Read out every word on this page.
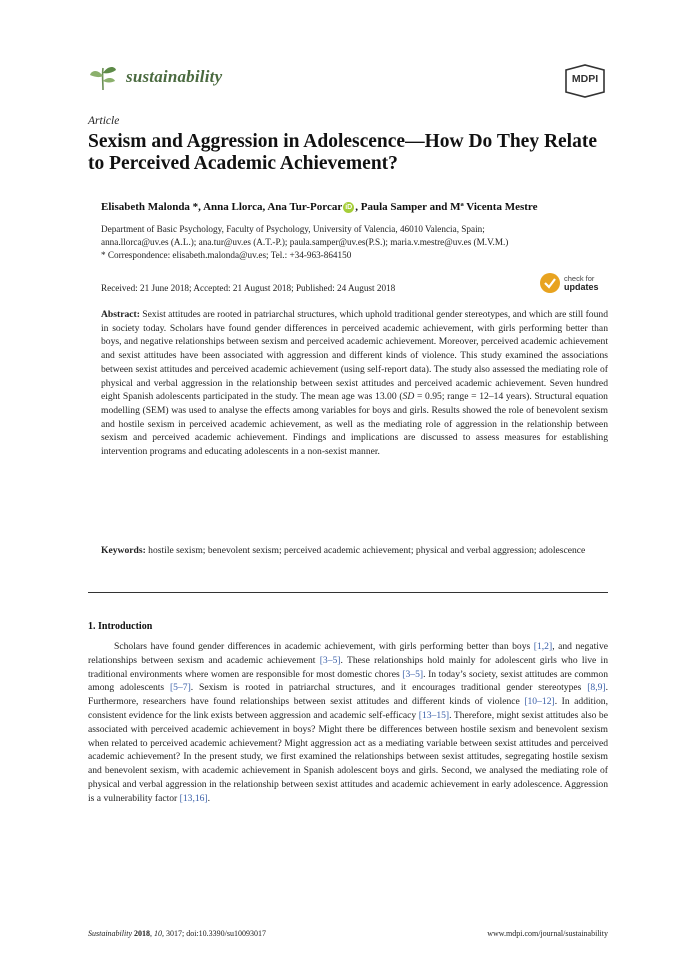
sustainability	MDPI
Article
Sexism and Aggression in Adolescence—How Do They Relate to Perceived Academic Achievement?
Elisabeth Malonda *, Anna Llorca, Ana Tur-Porcar iD , Paula Samper and Mª Vicenta Mestre
Department of Basic Psychology, Faculty of Psychology, University of Valencia, 46010 Valencia, Spain;
anna.llorca@uv.es (A.L.); ana.tur@uv.es (A.T.-P.); paula.samper@uv.es(P.S.); maria.v.mestre@uv.es (M.V.M.)
* Correspondence: elisabeth.malonda@uv.es; Tel.: +34-963-864150
Received: 21 June 2018; Accepted: 21 August 2018; Published: 24 August 2018
check for
updates

Abstract: Sexist attitudes are rooted in patriarchal structures, which uphold traditional gender stereotypes, and which are still found in society today. Scholars have found gender differences in perceived academic achievement, with girls performing better than boys, and negative relationships between sexism and perceived academic achievement. Moreover, perceived academic achievement and sexist attitudes have been associated with aggression and different kinds of violence. This study examined the associations between sexist attitudes and perceived academic achievement (using self-report data). The study also assessed the mediating role of physical and verbal aggression in the relationship between sexist attitudes and perceived academic achievement. Seven hundred eight Spanish adolescents participated in the study. The mean age was 13.00 (SD = 0.95; range = 12–14 years). Structural equation modelling (SEM) was used to analyse the effects among variables for boys and girls. Results showed the role of benevolent sexism and hostile sexism in perceived academic achievement, as well as the mediating role of aggression in the relationship between sexism and perceived academic achievement. Findings and implications are discussed to assess measures for establishing intervention programs and educating adolescents in a non-sexist manner.

Keywords: hostile sexism; benevolent sexism; perceived academic achievement; physical and verbal aggression; adolescence

1. Introduction

Scholars have found gender differences in academic achievement, with girls performing better than boys [1,2], and negative relationships between sexism and academic achievement [3–5]. These relationships hold mainly for adolescent girls who live in traditional environments where women are responsible for most domestic chores [3–5]. In today’s society, sexist attitudes are common among adolescents [5–7]. Sexism is rooted in patriarchal structures, and it encourages traditional gender stereotypes [8,9]. Furthermore, researchers have found relationships between sexist attitudes and different kinds of violence [10–12]. In addition, consistent evidence for the link exists between aggression and academic self-efficacy [13–15]. Therefore, might sexist attitudes also be associated with perceived academic achievement in boys? Might there be differences between hostile sexism and benevolent sexism when related to perceived academic achievement? Might aggression act as a mediating variable between sexist attitudes and perceived academic achievement? In the present study, we first examined the relationships between sexist attitudes, segregating hostile sexism and benevolent sexism, with academic achievement in Spanish adolescent boys and girls. Second, we analysed the mediating role of physical and verbal aggression in the relationship between sexist attitudes and academic achievement in early adolescence. Aggression is a vulnerability factor [13,16].

Sustainability 2018, 10, 3017; doi:10.3390/su10093017	www.mdpi.com/journal/sustainability
